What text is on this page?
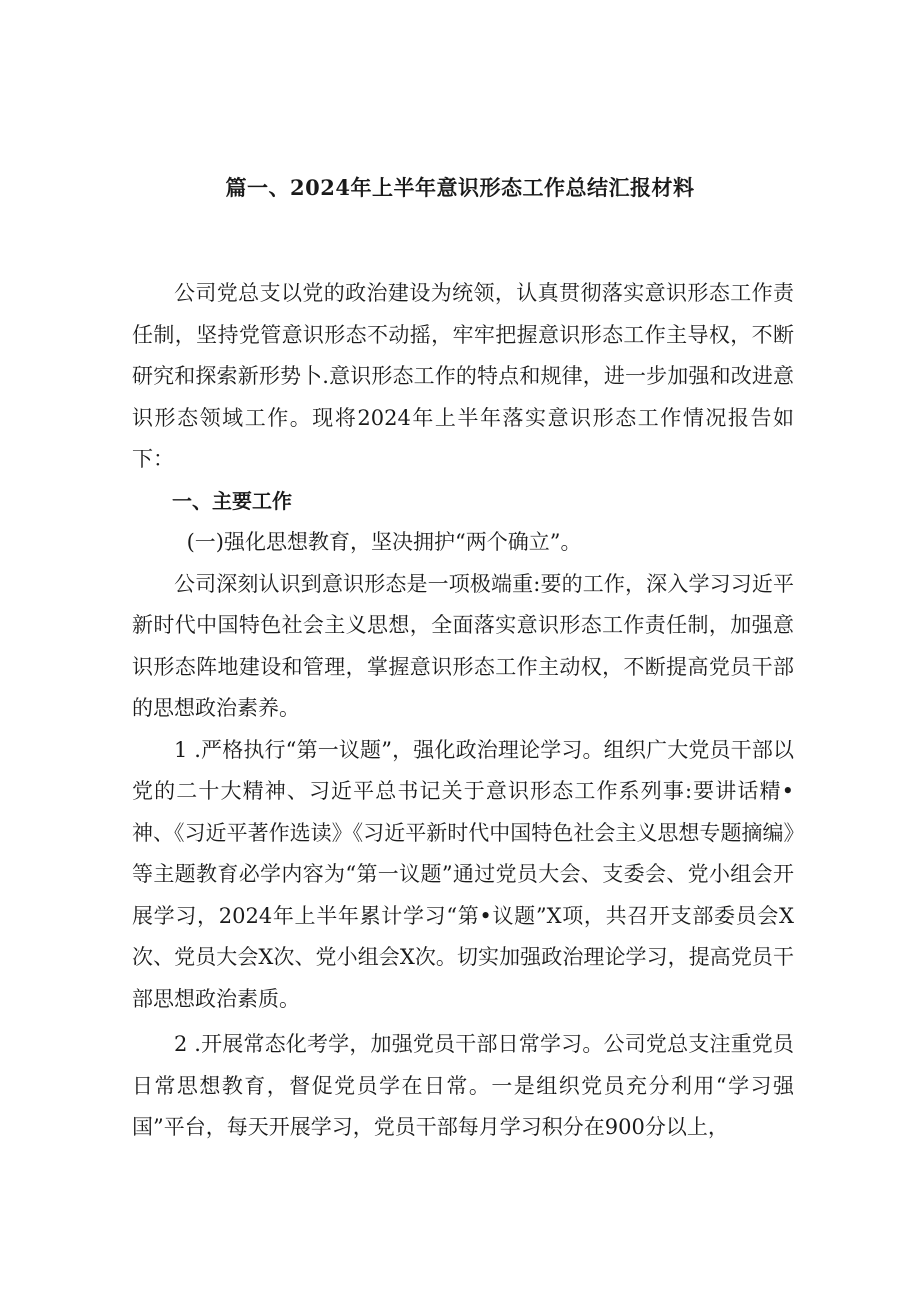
篇一、2024年上半年意识形态工作总结汇报材料

公司党总支以党的政治建设为统领，认真贯彻落实意识形态工作责任制，坚持党管意识形态不动摇，牢牢把握意识形态工作主导权，不断研究和探索新形势卜.意识形态工作的特点和规律，进一步加强和改进意识形态领域工作。现将2024年上半年落实意识形态工作情况报告如下：

一、主要工作

(一)强化思想教育，坚决拥护“两个确立”。

公司深刻认识到意识形态是一项极端重:要的工作，深入学习习近平新时代中国特色社会主义思想，全面落实意识形态工作责任制，加强意识形态阵地建设和管理，掌握意识形态工作主动权，不断提高党员干部的思想政治素养。

1 .严格执行“第一议题”，强化政治理论学习。组织广大党员干部以党的二十大精神、习近平总书记关于意识形态工作系列事:要讲话精•神、《习近平著作选读》《习近平新时代中国特色社会主义思想专题摘编》等主题教育必学内容为“第一议题”通过党员大会、支委会、党小组会开展学习，2024年上半年累计学习“第•议题”X项，共召开支部委员会X次、党员大会X次、党小组会X次。切实加强政治理论学习，提高党员干部思想政治素质。

2 .开展常态化考学，加强党员干部日常学习。公司党总支注重党员日常思想教育，督促党员学在日常。一是组织党员充分利用“学习强国”平台，每天开展学习，党员干部每月学习积分在900分以上，
